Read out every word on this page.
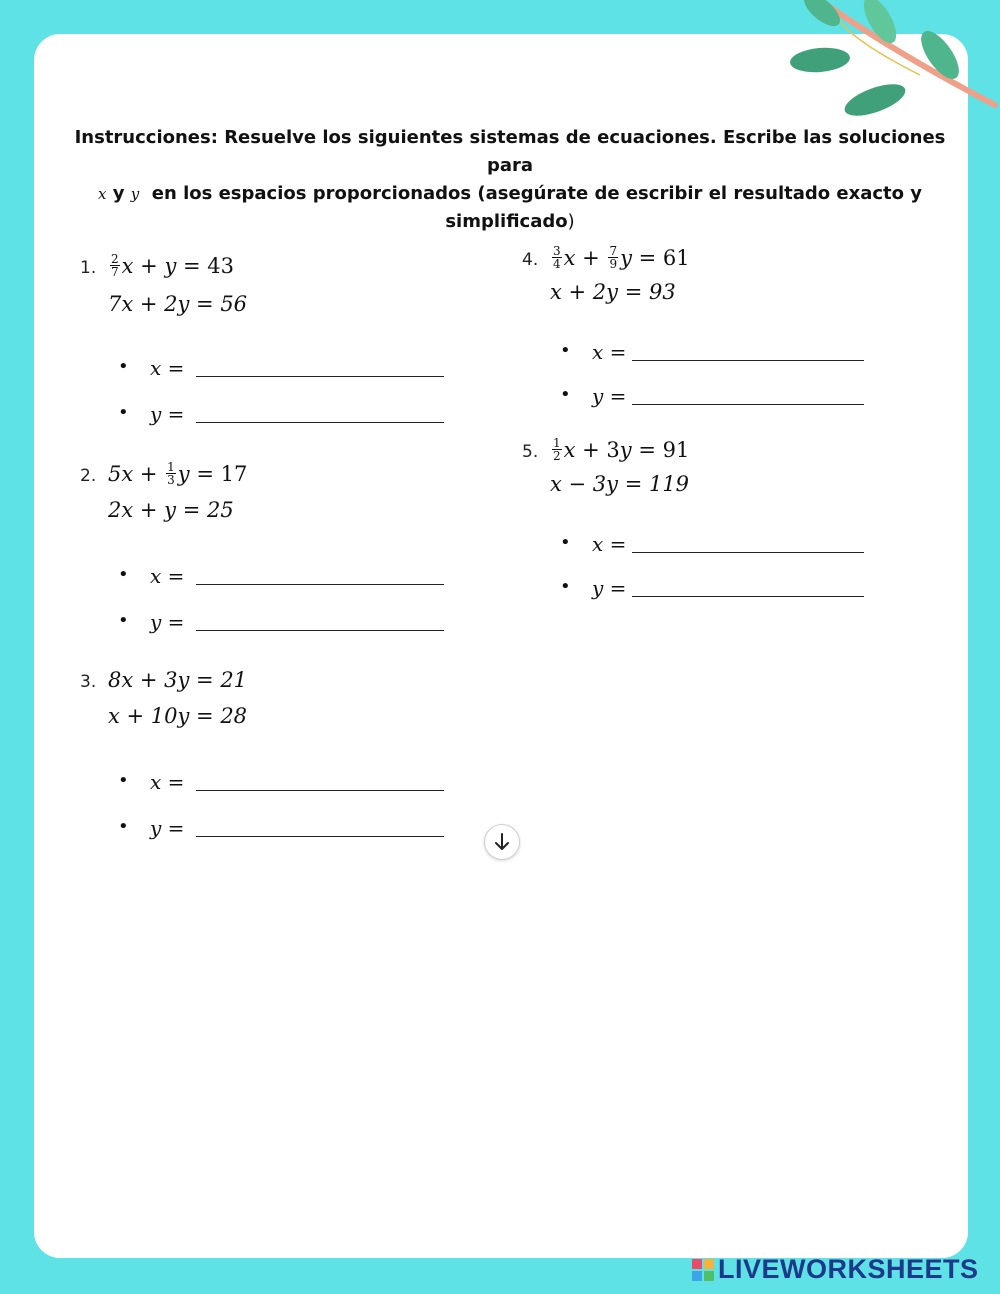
Instrucciones: Resuelve los siguientes sistemas de ecuaciones. Escribe las soluciones para
x y y en los espacios proporcionados (asegúrate de escribir el resultado exacto y simplificado)
1. $\frac{2}{7}$ x + y = 43
7x + 2y = 56
• x =
• y =
2. $5x + \frac{1}{3}$ y = 17
2x + y = 25
• x =
• y =
3. 8x + 3y = 21
x + 10y = 28
• x =
• y =
4. $\frac{3}{4}$ $x + \frac{7}{9}$ y = 61
x + 2y = 93
• x =
• y =
5. $\frac{1}{2}$ x + 3y = 91
x − 3y = 119
• x =
• y =
LIVEWORKSHEETS
